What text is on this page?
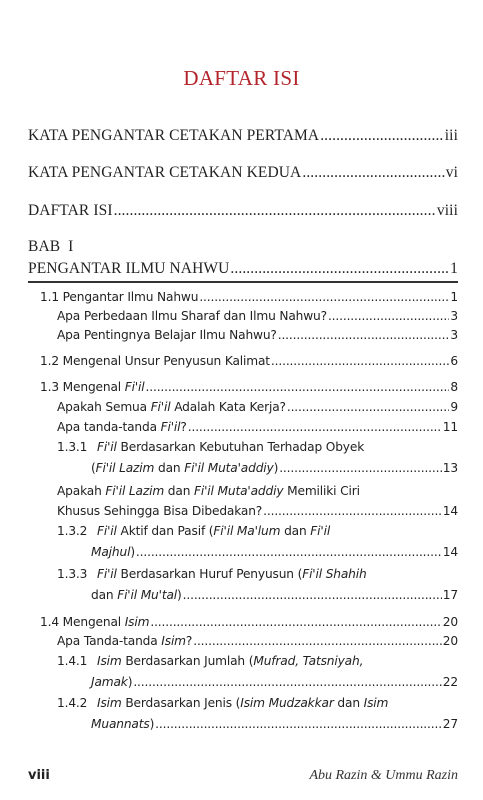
DAFTAR ISI
KATA PENGANTAR CETAKAN PERTAMA .....	iii
KATA PENGANTAR CETAKAN KEDUA .....	vi
DAFTAR ISI .....	viii
BAB  I
PENGANTAR ILMU NAHWU .....	1
1.1 Pengantar Ilmu Nahwu .....	1
Apa Perbedaan Ilmu Sharaf dan Ilmu Nahwu? .....	3
Apa Pentingnya Belajar Ilmu Nahwu? .....	3
1.2 Mengenal Unsur Penyusun Kalimat .....	6
1.3 Mengenal Fi'il .....	8
Apakah Semua Fi'il Adalah Kata Kerja? .....	9
Apa tanda-tanda Fi'il? .....	11
1.3.1 Fi'il Berdasarkan Kebutuhan Terhadap Obyek
(Fi'il Lazim dan Fi'il Muta'addiy) .....	13
Apakah Fi'il Lazim dan Fi'il Muta'addiy Memiliki Ciri
Khusus Sehingga Bisa Dibedakan? .....	14
1.3.2 Fi'il Aktif dan Pasif (Fi'il Ma'lum dan Fi'il
Majhul) .....	14
1.3.3 Fi'il Berdasarkan Huruf Penyusun (Fi'il Shahih
dan Fi'il Mu'tal) .....	17
1.4 Mengenal Isim .....	20
Apa Tanda-tanda Isim? .....	20
1.4.1 Isim Berdasarkan Jumlah (Mufrad, Tatsniyah,
Jamak) .....	22
1.4.2 Isim Berdasarkan Jenis (Isim Mudzakkar dan Isim
Muannats) .....	27
viii	Abu Razin & Ummu Razin
